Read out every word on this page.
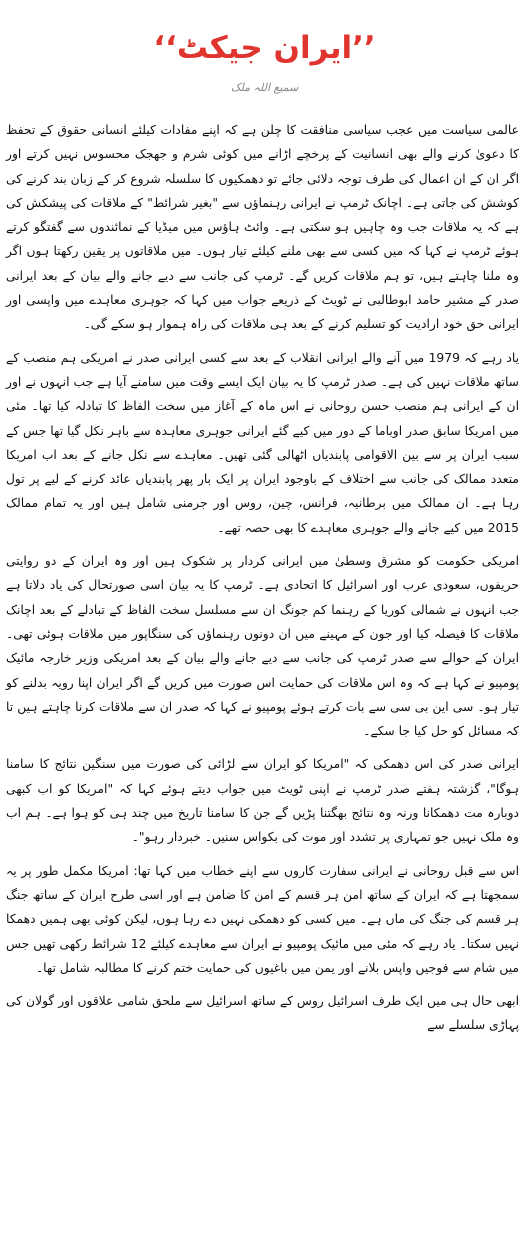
’’ایران جیکٹ‘‘
سمیع اللہ ملک

عالمی سیاست میں عجب سیاسی منافقت کا چلن ہے کہ اپنے مفادات کیلئے انسانی حقوق کے تحفظ کا دعویٰ کرنے والے بھی انسانیت کے پرخچے اڑانے میں کوئی شرم و جھجک محسوس نہیں کرتے اور اگر ان کے ان اعمال کی طرف توجہ دلائی جائے تو دھمکیوں کا سلسلہ شروع کر کے زبان بند کرنے کی کوشش کی جاتی ہے۔ اچانک ٹرمپ نے ایرانی رہنماؤں سے "بغیر شرائط" کے ملاقات کی پیشکش کی ہے کہ یہ ملاقات جب وہ چاہیں ہو سکتی ہے۔ وائٹ ہاؤس میں میڈیا کے نمائندوں سے گفتگو کرتے ہوئے ٹرمپ نے کہا کہ میں کسی سے بھی ملنے کیلئے تیار ہوں۔ میں ملاقاتوں پر یقین رکھتا ہوں اگر وہ ملنا چاہتے ہیں، تو ہم ملاقات کریں گے۔ ٹرمپ کی جانب سے دیے جانے والے بیان کے بعد ایرانی صدر کے مشیر حامد ابوطالبی نے ٹویٹ کے ذریعے جواب میں کہا کہ جوہری معاہدے میں واپسی اور ایرانی حق خود ارادیت کو تسلیم کرنے کے بعد ہی ملاقات کی راہ ہموار ہو سکے گی۔

یاد رہے کہ 1979 میں آنے والے ایرانی انقلاب کے بعد سے کسی ایرانی صدر نے امریکی ہم منصب کے ساتھ ملاقات نہیں کی ہے۔ صدر ٹرمپ کا یہ بیان ایک ایسے وقت میں سامنے آیا ہے جب انہوں نے اور ان کے ایرانی ہم منصب حسن روحانی نے اس ماہ کے آغاز میں سخت الفاظ کا تبادلہ کیا تھا۔ مئی میں امریکا سابق صدر اوباما کے دور میں کیے گئے ایرانی جوہری معاہدہ سے باہر نکل گیا تھا جس کے سبب ایران پر سے بین الاقوامی پابندیاں اٹھالی گئی تھیں۔ معاہدے سے نکل جانے کے بعد اب امریکا متعدد ممالک کی جانب سے اختلاف کے باوجود ایران پر ایک بار پھر پابندیاں عائد کرنے کے لیے پر تول رہا ہے۔ ان ممالک میں برطانیہ، فرانس، چین، روس اور جرمنی شامل ہیں اور یہ تمام ممالک 2015 میں کیے جانے والے جوہری معاہدے کا بھی حصہ تھے۔

امریکی حکومت کو مشرق وسطیٰ میں ایرانی کردار پر شکوک ہیں اور وہ ایران کے دو روایتی حریفوں، سعودی عرب اور اسرائیل کا اتحادی ہے۔ ٹرمپ کا یہ بیان اسی صورتحال کی یاد دلاتا ہے جب انہوں نے شمالی کوریا کے رہنما کم جونگ ان سے مسلسل سخت الفاظ کے تبادلے کے بعد اچانک ملاقات کا فیصلہ کیا اور جون کے مہینے میں ان دونوں رہنماؤں کی سنگاپور میں ملاقات ہوئی تھی۔ ایران کے حوالے سے صدر ٹرمپ کی جانب سے دیے جانے والے بیان کے بعد امریکی وزیر خارجہ مائیک پومپیو نے کہا ہے کہ وہ اس ملاقات کی حمایت اس صورت میں کریں گے اگر ایران اپنا رویہ بدلنے کو تیار ہو۔ سی این بی سی سے بات کرتے ہوئے پومپیو نے کہا کہ صدر ان سے ملاقات کرنا چاہتے ہیں تا کہ مسائل کو حل کیا جا سکے۔

ایرانی صدر کی اس دھمکی کہ "امریکا کو ایران سے لڑائی کی صورت میں سنگین نتائج کا سامنا ہوگا"، گزشتہ ہفتے صدر ٹرمپ نے اپنی ٹویٹ میں جواب دیتے ہوئے کہا کہ "امریکا کو اب کبھی دوبارہ مت دھمکانا ورنہ وہ نتائج بھگتنا پڑیں گے جن کا سامنا تاریخ میں چند ہی کو ہوا ہے۔ ہم اب وہ ملک نہیں جو تمہاری پر تشدد اور موت کی بکواس سنیں۔ خبردار رہو"۔

اس سے قبل روحانی نے ایرانی سفارت کاروں سے اپنے خطاب میں کہا تھا: امریکا مکمل طور پر یہ سمجھتا ہے کہ ایران کے ساتھ امن ہر قسم کے امن کا ضامن ہے اور اسی طرح ایران کے ساتھ جنگ ہر قسم کی جنگ کی ماں ہے۔ میں کسی کو دھمکی نہیں دے رہا ہوں، لیکن کوئی بھی ہمیں دھمکا نہیں سکتا۔ یاد رہے کہ مئی میں مائیک پومپیو نے ایران سے معاہدے کیلئے 12 شرائط رکھی تھیں جس میں شام سے فوجیں واپس بلانے اور یمن میں باغیوں کی حمایت ختم کرنے کا مطالبہ شامل تھا۔

ابھی حال ہی میں ایک طرف اسرائیل روس کے ساتھ اسرائیل سے ملحق شامی علاقوں اور گولان کی پہاڑی سلسلے سے
